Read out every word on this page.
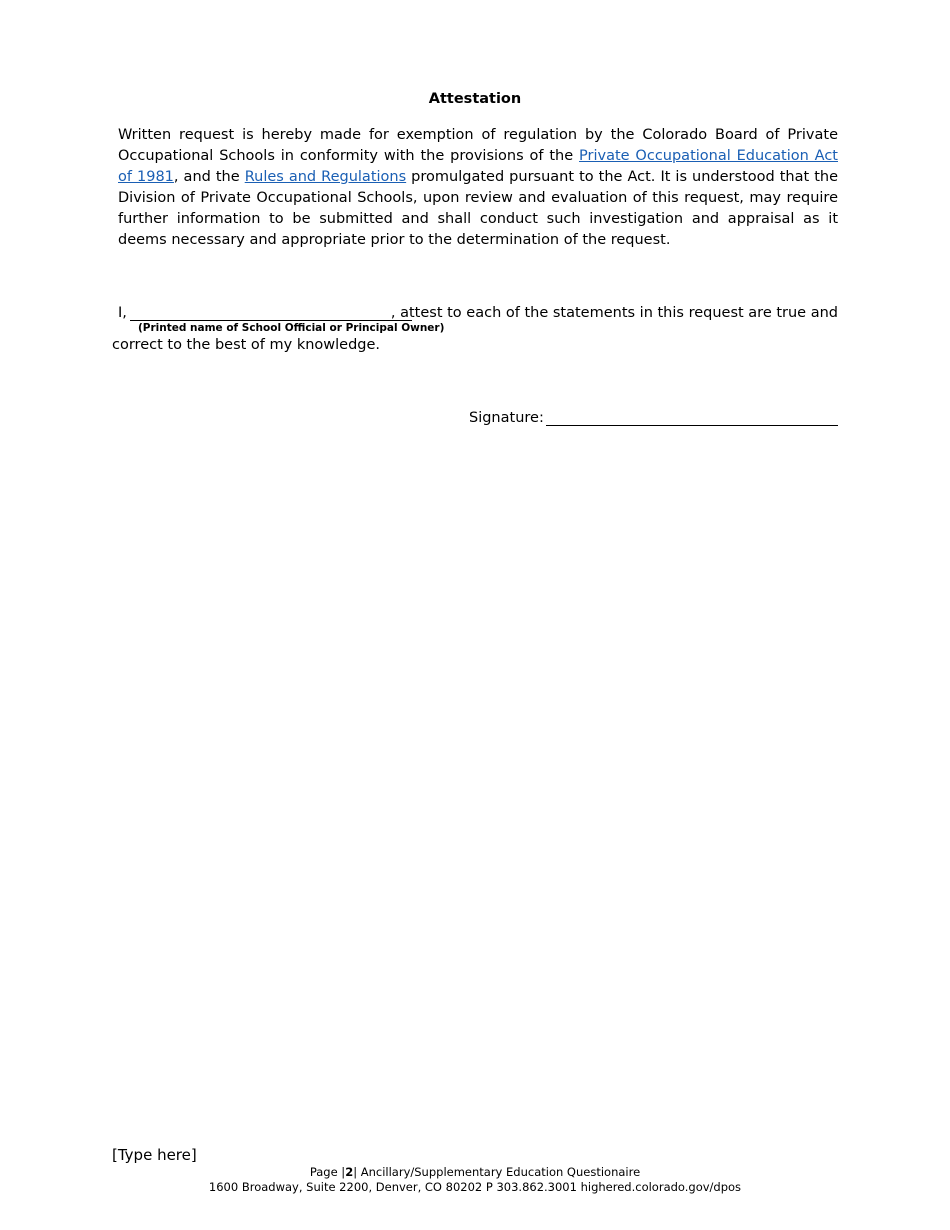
Attestation
Written request is hereby made for exemption of regulation by the Colorado Board of Private Occupational Schools in conformity with the provisions of the Private Occupational Education Act of 1981, and the Rules and Regulations promulgated pursuant to the Act. It is understood that the Division of Private Occupational Schools, upon review and evaluation of this request, may require further information to be submitted and shall conduct such investigation and appraisal as it deems necessary and appropriate prior to the determination of the request.
I,	, attest to each of the statements in this request are true and
(Printed name of School Official or Principal Owner)
correct to the best of my knowledge.
Signature:
[Type here]
Page |2| Ancillary/Supplementary Education Questionaire
1600 Broadway, Suite 2200, Denver, CO 80202 P 303.862.3001 highered.colorado.gov/dpos
